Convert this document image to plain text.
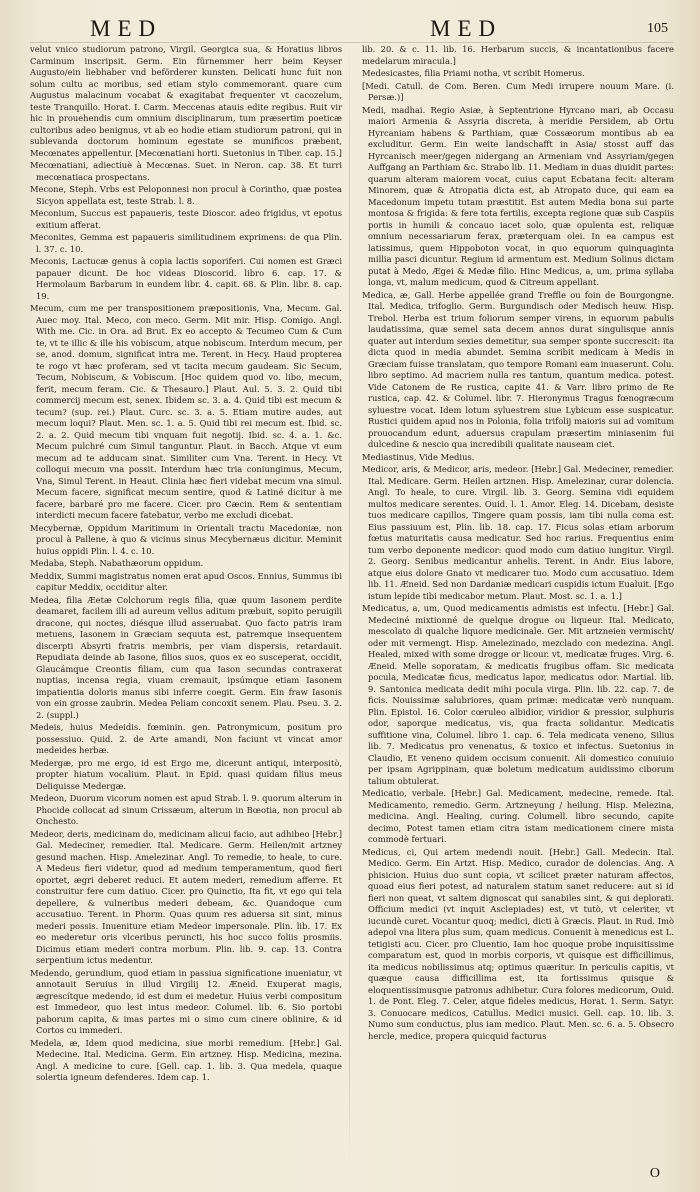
MED	MED	105

velut vnico studiorum patrono, Virgil. Georgica sua, & Horatius libros Carminum inscripsit. Germ. Ein fürnemmer herr beim Keyser Augusto/ein liebhaber vnd beförderer kunsten. Delicati hunc fuit non solum cultu ac moribus, sed etiam stylo commemorant. quare cum Augustus malacinum vocabat & exagitabat frequenter vt cacozelum, teste Tranquillo. Horat. I. Carm. Meccenas atauis edite regibus. Ruit vir hic in prouehendis cum omnium disciplinarum, tum præsertim poeticæ cultoribus adeo benignus, vt ab eo hodie etiam studiorum patroni, qui in sublevanda doctorum hominum egestate se munificos præbent, Mecœnates appellentur. [Mecœnatiani horti. Suetonius in Tiber. cap. 15.]

Mecœnatiani, adiectiuè à Mecœnas. Suet. in Neron. cap. 38. Et turri mecœnatiaca prospectans.

Mecone, Steph. Vrbs est Peloponnesi non procul à Corintho, quæ postea Sicyon appellata est, teste Strab. l. 8.

Meconium, Succus est papaueris, teste Dioscor. adeo frigidus, vt epotus exitium afferat.

Meconites, Gemma est papaueris similitudinem exprimens: de qua Plin. l. 37. c. 10.

Meconis, Lactucæ genus à copia lactis soporiferi. Cui nomen est Græci papauer dicunt. De hoc videas Dioscorid. libro 6. cap. 17. & Hermolaum Barbarum in eundem libr. 4. capit. 68. & Plin. libr. 8. cap. 19.

Mecum, cum me per transpositionem præpositionis, Vna, Mecum. Gal. Auec moy. Ital. Meco, con meco. Germ. Mit mir. Hisp. Comigo. Angl. With me. Cic. in Ora. ad Brut. Ex eo accepto & Tecumeo Cum & Cum te, vt te illic & ille his vobiscum, atque nobiscum. Interdum mecum, per se, anod. domum, significat intra me. Terent. in Hecy. Haud propterea te rogo vt hæc proferam, sed vt tacita mecum gaudeam. Sic Secum, Tecum, Nobiscum, & Vobiscum. [Hoc quidem quod vo. libo, mecum, ferit, mecum feram. Cic. & Thesauro.] Plaut. Aul. 5. 3. 2. Quid tibi commercij mecum est, senex. Ibidem sc. 3. a. 4. Quid tibi est mecum & tecum? (sup. rei.) Plaut. Curc. sc. 3. a. 5. Etiam mutire audes, aut mecum loqui? Plaut. Men. sc. 1. a. 5. Quid tibi rei mecum est. Ibid. sc. 2. a. 2. Quid mecum tibi vnquam fuit negotij. Ibid. sc. 4. a. 1. &c. Mecum pulchré cum Simul tanguntur. Plaut. in Bacch. Atque vt eum mecum ad te adducam sinat. Similiter cum Vna. Terent. in Hecy. Vt colloqui mecum vna possit. Interdum hæc tria coniungimus, Mecum, Vna, Simul Terent. in Heaut. Clinia hæc fieri videbat mecum vna simul. Mecum facere, significat mecum sentire, quod & Latiné dicitur à me facere, barbaré pro me facere. Cicer. pro Cæcin. Rem & sententiam interdicti mecum facere fatebatur, verbo me excludi dicebat.

Mecybernæ, Oppidum Maritimum in Orientali tractu Macedoniæ, non procul à Pallene, à quo & vicinus sinus Mecybernæus dicitur. Meminit huius oppidi Plin. l. 4. c. 10.

Medaba, Steph. Nabathæorum oppidum.

Meddix, Summi magistratus nomen erat apud Oscos. Ennius, Summus ibi capitur Meddix, occiditur alter.

Medea, filia Æetæ Colchorum regis filia, quæ quum Iasonem perdite deamaret, facilem illi ad aureum vellus aditum præbuit, sopito peruigili dracone, qui noctes, diésque illud asseruabat. Quo facto patris iram metuens, Iasonem in Græciam sequuta est, patremque insequentem discerpti Absyrti fratris membris, per viam dispersis, retardauit. Repudiata deinde ab Iasone, filios suos, quos ex eo susceperat, occidit, Glaucámque Creontis filiam, cum qua Iason secundas contraxerat nuptias, incensa regia, viuam cremauit, ipsúmque etiam Iasonem impatientia doloris manus sibi inferre coegit. Germ. Ein fraw Iasonis von ein grosse zaubrin. Medea Peliam concoxit senem. Plau. Pseu. 3. 2. 2. (suppl.)

Medeis, huius Medeidis. fœminin. gen. Patronymicum, positum pro possessiuo. Quid. 2. de Arte amandi, Non faciunt vt vincat amor medeides herbæ.

Medergæ, pro me ergo, id est Ergo me, dicerunt antiqui, interpositò, propter hiatum vocalium. Plaut. in Epid. quasi quidam filius meus Deliquisse Medergæ.

Medeon, Duorum vicorum nomen est apud Strab. l. 9. quorum alterum in Phocide collocat ad sinum Crissæum, alterum in Bœotia, non procul ab Onchesto.

Medeor, deris, medicinam do, medicinam alicui facio, aut adhibeo [Hebr.] Gal. Medeciner, remedier. Ital. Medicare. Germ. Heilen/mit artzney gesund machen. Hisp. Amelezinar. Angl. To remedie, to heale, to cure. A Medeus fieri videtur, quod ad medium temperamentum, quod fieri oportet, ægri deberet reduci. Et autem mederi, remedium afferre. Et construitur fere cum datiuo. Cicer. pro Quinctio, Ita fit, vt ego qui tela depellere, & vulneribus mederi debeam, &c. Quandoque cum accusatiuo. Terent. in Phorm. Quas quum res aduersa sit sint, minus mederi possis. Inueniture etiam Medeor impersonale. Plin. lib. 17. Ex eo mederetur oris vlceribus peruncti, his hoc succo foliis prosmiis. Dicimus etiam mederi contra morbum. Plin. lib. 9. cap. 13. Contra serpentium ictus medentur.

Medendo, gerundium, quod etiam in passiua significatione inueniatur, vt annotauit Seruius in illud Virgilij 12. Æneid. Exuperat magis, ægrescítque medendo, id est dum ei medetur. Huius verbi compositum est Immedeor, quo lest intus medeor. Columel. lib. 6. Sio portobi paborum capita, & imas partes mi o simo cum cinere oblinire, & id Cortos cu immederi.

Medela, æ, Idem quod medicina, siue morbi remedium. [Hebr.] Gal. Medecine. Ital. Medicina. Germ. Ein artzney. Hisp. Medicina, mezina. Angl. A medicine to cure. [Gell. cap. 1. lib. 3. Qua medela, quaque solertia igneum defenderes. Idem cap. 1.

lib. 20. & c. 11. lib. 16. Herbarum succis, & incantationibus facere medelarum miracula.]

Medesicastes, filia Priami notha, vt scribit Homerus.

[Medi. Catull. de Com. Beren. Cum Medi irrupere nouum Mare. (i. Persæ.)]

Medi, madhai. Regio Asiæ, à Septentrione Hyrcano mari, ab Occasu maiori Armenia & Assyria discreta, à meridie Persidem, ab Ortu Hyrcaniam habens & Parthiam, quæ Cossæorum montibus ab ea excluditur. Germ. Ein weite landschafft in Asia/ stosst auff das Hyrcanisch meer/gegen nidergang an Armeniam vnd Assyriam/gegen Auffgang an Parthiam &c. Strabo lib. 11. Mediam in duas diuidit partes: quarum alteram maiorem vocat, cuius caput Ecbatana fecit: alteram Minorem, quæ & Atropatia dicta est, ab Atropato duce, qui eam ea Macedonum impetu tutam præstitit. Est autem Media bona sui parte montosa & frigida: & fere tota fertilis, excepta regione quæ sub Caspiis portis in humili & concauo iacet solo, quæ opulenta est, reliquæ omnium necessariarum ferax, præterquam olei. In ea campus est latissimus, quem Hippoboton vocat, in quo equorum quinquaginta millia pasci dicuntur. Regium id armentum est. Medium Solinus dictam putat à Medo, Ægei & Medæ filio. Hinc Medicus, a, um, prima syllaba longa, vt, malum medicum, quod & Citreum appellant.

Medica, æ, Gall. Herbe appellée grand Treffle ou foin de Bourgongne. Ital. Medica, trifoglio. Germ. Burgundisch oder Medisch heuw. Hisp. Trebol. Herba est trium foliorum semper virens, in equorum pabulis laudatissima, quæ semel sata decem annos durat singulisque annis quater aut interdum sexies demetitur, sua semper sponte succrescit: ita dicta quod in media abundet. Semina scribit medicam à Medis in Græciam fuisse translatam, quo tempore Romani eam inuaserunt. Colu. libro septimo. Ad macriem nulla res tantum, quantum medica. potest. Vide Catonem de Re rustica, capite 41. & Varr. libro primo de Re rustica, cap. 42. & Columel. libr. 7. Hieronymus Tragus fœnogræcum syluestre vocat. Idem lotum syluestrem siue Lybicum esse suspicatur. Rustici quidem apud nos in Polonia, folia trifolij maioris sui ad vomitum prouocandum edunt, aduersus crapulam præsertim miniasenim fui dulcedine & nescio qua incredibili qualitate nauseam ciet.

Mediastinus, Vide Medius.

Medicor, aris, & Medicor, aris, medeor. [Hebr.] Gal. Medeciner, remedier. Ital. Medicare. Germ. Heilen artznen. Hisp. Amelezinar, curar dolencia. Angl. To heale, to cure. Virgil. lib. 3. Georg. Semina vidi equidem multos medicare serentes. Ouid. l. 1. Amor. Eleg. 14. Dicebam, desiste tuos medicare capillos, Tingere quam possis, iam tibi nulla coma est. Eius passiuum est, Plin. lib. 18. cap. 17. Ficus solas etiam arborum fœtus maturitatis causa medicatur. Sed hoc rarius. Frequentius enim tum verbo deponente medicor: quod modo cum datiuo iungitur. Virgil. 2. Georg. Senibus medicantur anhelis. Terent. in Andr. Eius labore, atque eius dolore Gnato vt medicarer tuo. Modo cum accusatiuo. Idem lib. 11. Æneid. Sed non Dardaniæ medicari cuspidis ictum Eualuit. [Ego istum lepide tibi medicabor metum. Plaut. Most. sc. 1. a. 1.]

Medicatus, a, um, Quod medicamentis admistis est infectu. [Hebr.] Gal. Medeciné mixtionné de quelque drogue ou liqueur. Ital. Medicato, mescolato di qualche liquore medicinale. Ger. Mit artzneien vermischt/ oder mit vermengt. Hisp. Amelezinado, mezclado con medezina. Angl. Healed, mixed with some drogge or licour. vt, medicatæ fruges. Virg. 6. Æneid. Melle soporatam, & medicatis frugibus offam. Sic medicata pocula, Medicatæ ficus, medicatus lapor, medicatus odor. Martial. lib. 9. Santonica medicata dedit mihi pocula virga. Plin. lib. 22. cap. 7. de ficis. Nouissimæ salubriores, quam primæ: medicatæ verò nunquam. Plin. Epistol. 16. Color cœruleo albidior, viridior & pressior, sulphuris odor, saporque medicatus, vis, qua fracta solidantur. Medicatis suffitione vina, Columel. libro 1. cap. 6. Tela medicata veneno, Silius lib. 7. Medicatus pro venenatus, & toxico et infectus. Suetonius in Claudio, Et veneno quidem occisum conuenit. Ali domestico conuiuio per ipsam Agrippinam, quæ boletum medicatum auidissimo ciborum talium obtulerat.

Medicatio, verbale. [Hebr.] Gal. Medicament, medecine, remede. Ital. Medicamento, remedio. Germ. Artzneyung / heilung. Hisp. Melezina, medicina. Angl. Healing, curing. Columell. libro secundo, capite decimo, Potest tamen etiam citra istam medicationem cinere mista commodè fertuari.

Medicus, ci, Qui artem medendi nouit. [Hebr.] Gall. Medecin. Ital. Medico. Germ. Ein Artzt. Hisp. Medico, curador de dolencias. Ang. A phisicion. Huius duo sunt copia, vt scilicet præter naturam affectos, quoad eius fieri potest, ad naturalem statum sanet reducere: aut si id fieri non queat, vt saltem dignoscat qui sanabiles sint, & qui deplorati. Officium medici (vt inquit Asclepiades) est, vt tutò, vt celeriter, vt iucundè curet. Vocantur quoq; medici, dicti à Græcis. Plaut. in Rud. Imò adepol vna litera plus sum, quam medicus. Conuenit à menedicus est L. tetigisti acu. Cicer. pro Cluentio, Iam hoc quoque probe inquisitissime comparatum est, quod in morbis corporis, vt quisque est difficillimus, ita medicus nobilissimus atq; optimus quæritur. In periculis capitis, vt quæque causa difficillima est, ita fortissimus quisque & eloquentissimusque patronus adhibetur. Cura folores medicorum, Ouid. 1. de Pont. Eleg. 7. Celer, atque fideles medicus, Horat. 1. Serm. Satyr. 3. Conuocare medicos, Catullus. Medici musici. Gell. cap. 10. lib. 3. Numo sum conductus, plus iam medico. Plaut. Men. sc. 6. a. 5. Obsecro hercle, medice, propera quicquid facturus

O
